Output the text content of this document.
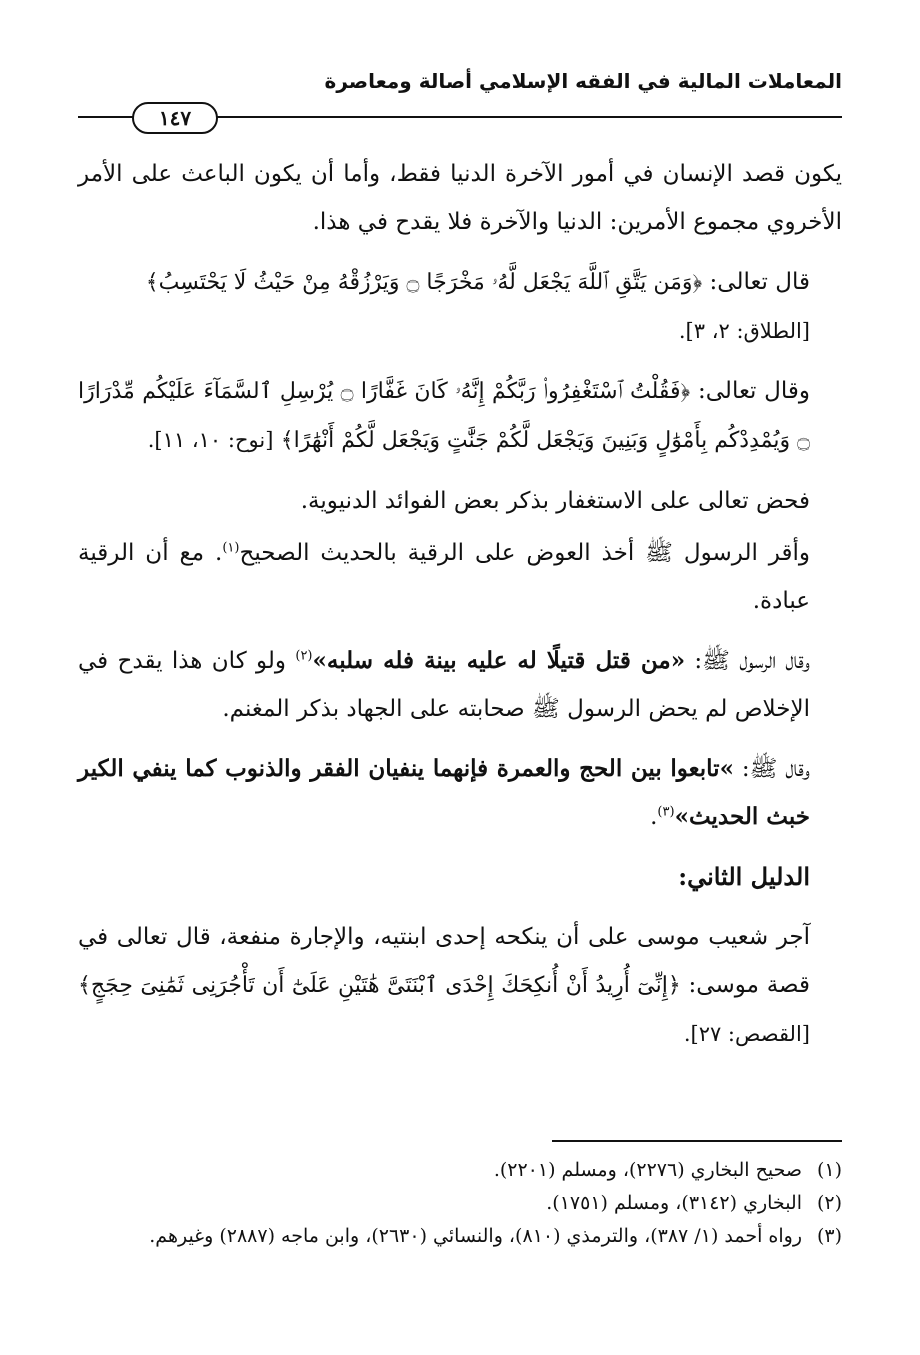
المعاملات المالية في الفقه الإسلامي أصالة ومعاصرة
١٤٧

يكون قصد الإنسان في أمور الآخرة الدنيا فقط، وأما أن يكون الباعث على الأمر الأخروي مجموع الأمرين: الدنيا والآخرة فلا يقدح في هذا.

قال تعالى: ﴿وَمَن يَتَّقِ ٱللَّهَ يَجْعَل لَّهُۥ مَخْرَجًا ۝ وَيَرْزُقْهُ مِنْ حَيْثُ لَا يَحْتَسِبُ﴾
[الطلاق: ٢، ٣].

وقال تعالى: ﴿فَقُلْتُ ٱسْتَغْفِرُوا۟ رَبَّكُمْ إِنَّهُۥ كَانَ غَفَّارًا ۝ يُرْسِلِ ٱلسَّمَآءَ عَلَيْكُم مِّدْرَارًا ۝ وَيُمْدِدْكُم بِأَمْوَٰلٍ وَبَنِينَ وَيَجْعَل لَّكُمْ جَنَّٰتٍ وَيَجْعَل لَّكُمْ أَنْهَٰرًا﴾ [نوح: ١٠، ١١].

فحض تعالى على الاستغفار بذكر بعض الفوائد الدنيوية.

وأقر الرسول ﷺ أخذ العوض على الرقية بالحديث الصحيح$^{(١)}$. مع أن الرقية عبادة.

وقال الرسول ﷺ: «من قتل قتيلًا له عليه بينة فله سلبه»$^{(٢)}$ ولو كان هذا يقدح في الإخلاص لم يحض الرسول ﷺ صحابته على الجهاد بذكر المغنم.

وقال ﷺ: »تابعوا بين الحج والعمرة فإنهما ينفيان الفقر والذنوب كما ينفي الكير خبث الحديث»$^{(٣)}$.

الدليل الثاني:

آجر شعيب موسى على أن ينكحه إحدى ابنتيه، والإجارة منفعة، قال تعالى في قصة موسى: ﴿إِنِّىٓ أُرِيدُ أَنْ أُنكِحَكَ إِحْدَى ٱبْنَتَىَّ هَٰتَيْنِ عَلَىٰٓ أَن تَأْجُرَنِى ثَمَٰنِىَ حِجَجٍ﴾ [القصص: ٢٧].

(١)
صحيح البخاري (٢٢٧٦)، ومسلم (٢٢٠١).
(٢)
البخاري (٣١٤٢)، ومسلم (١٧٥١).
(٣)
رواه أحمد (١/ ٣٨٧)، والترمذي (٨١٠)، والنسائي (٢٦٣٠)، وابن ماجه (٢٨٨٧) وغيرهم.
